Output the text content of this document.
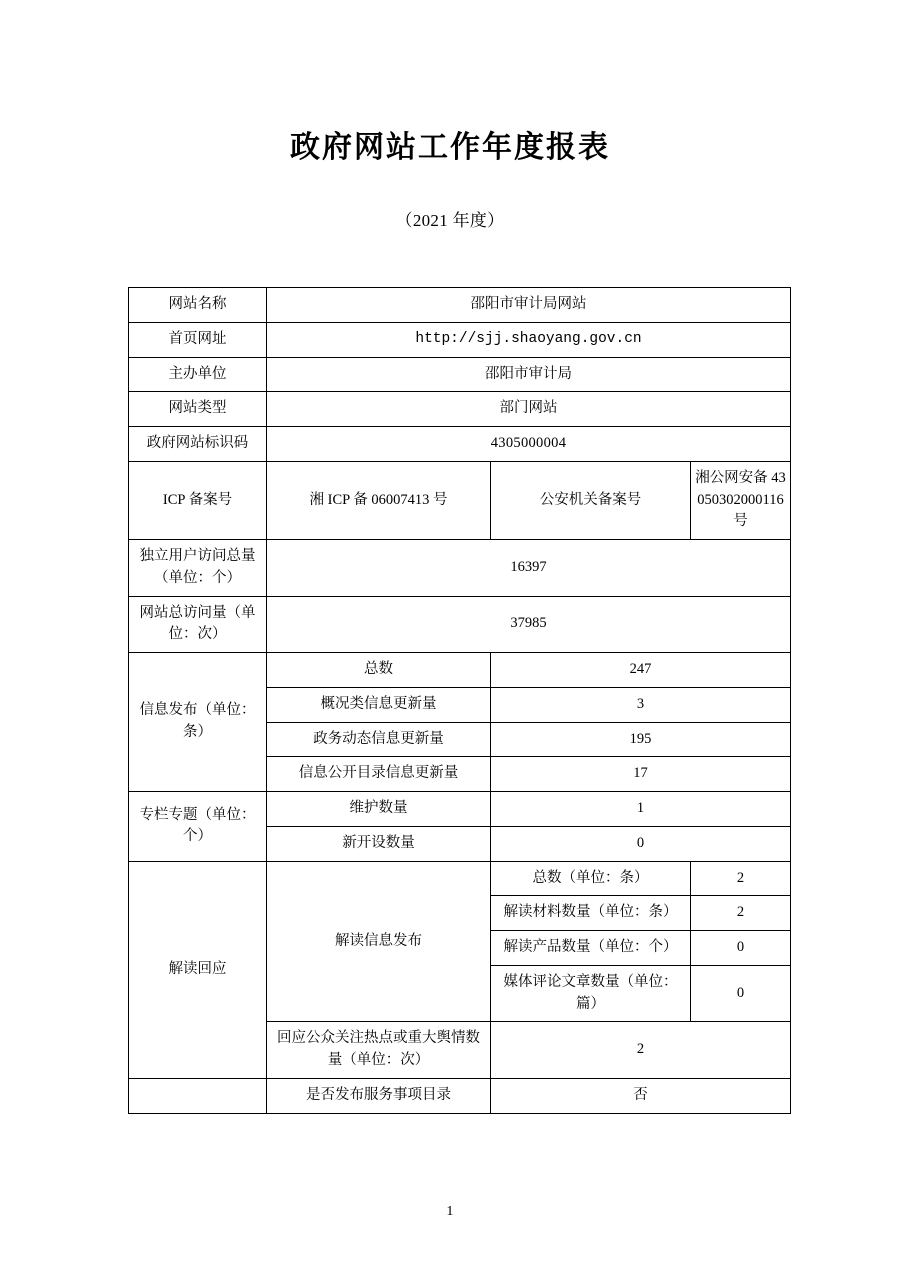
政府网站工作年度报表
（2021 年度）
网站名称	邵阳市审计局网站		
首页网址	http://sjj.shaoyang.gov.cn		
主办单位	邵阳市审计局		
网站类型	部门网站		
政府网站标识码	4305000004		
ICP 备案号	湘 ICP 备 06007413 号	公安机关备案号	湘公网安备 43050302000116 号
独立用户访问总量（单位：个）	16397		
网站总访问量（单位：次）	37985		
信息发布（单位：条）	总数	247	
	概况类信息更新量	3	
	政务动态信息更新量	195	
	信息公开目录信息更新量	17	
专栏专题（单位：个）	维护数量	1	
	新开设数量	0	
解读回应	解读信息发布	总数（单位：条）	2
		解读材料数量（单位：条）	2
		解读产品数量（单位：个）	0
		媒体评论文章数量（单位：篇）	0
	回应公众关注热点或重大舆情数量（单位：次）	2	
	是否发布服务事项目录	否	
1
